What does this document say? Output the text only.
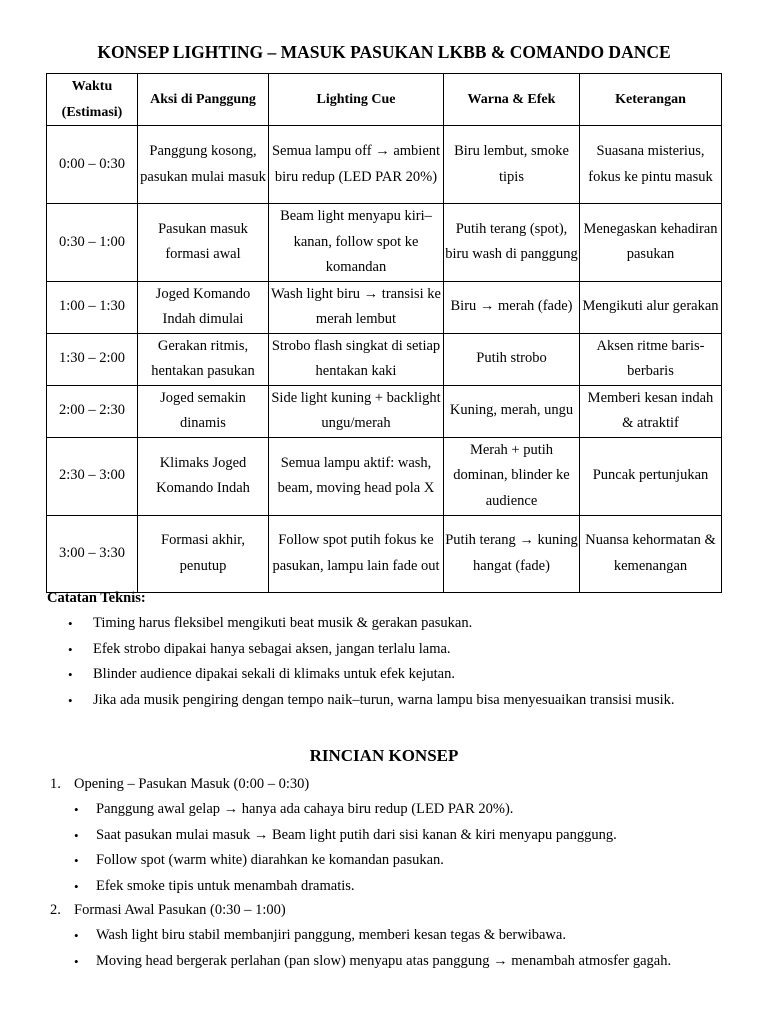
KONSEP LIGHTING – MASUK PASUKAN LKBB & COMANDO DANCE
Waktu (Estimasi)	Aksi di Panggung	Lighting Cue	Warna & Efek	Keterangan
0:00 – 0:30	Panggung kosong, pasukan mulai masuk	Semua lampu off → ambient biru redup (LED PAR 20%)	Biru lembut, smoke tipis	Suasana misterius, fokus ke pintu masuk
0:30 – 1:00	Pasukan masuk formasi awal	Beam light menyapu kiri–kanan, follow spot ke komandan	Putih terang (spot), biru wash di panggung	Menegaskan kehadiran pasukan
1:00 – 1:30	Joged Komando Indah dimulai	Wash light biru → transisi ke merah lembut	Biru → merah (fade)	Mengikuti alur gerakan
1:30 – 2:00	Gerakan ritmis, hentakan pasukan	Strobo flash singkat di setiap hentakan kaki	Putih strobo	Aksen ritme baris-berbaris
2:00 – 2:30	Joged semakin dinamis	Side light kuning + backlight ungu/merah	Kuning, merah, ungu	Memberi kesan indah & atraktif
2:30 – 3:00	Klimaks Joged Komando Indah	Semua lampu aktif: wash, beam, moving head pola X	Merah + putih dominan, blinder ke audience	Puncak pertunjukan
3:00 – 3:30	Formasi akhir, penutup	Follow spot putih fokus ke pasukan, lampu lain fade out	Putih terang → kuning hangat (fade)	Nuansa kehormatan & kemenangan
Catatan Teknis:
• Timing harus fleksibel mengikuti beat musik & gerakan pasukan.
• Efek strobo dipakai hanya sebagai aksen, jangan terlalu lama.
• Blinder audience dipakai sekali di klimaks untuk efek kejutan.
• Jika ada musik pengiring dengan tempo naik–turun, warna lampu bisa menyesuaikan transisi musik.
RINCIAN KONSEP
1. Opening – Pasukan Masuk (0:00 – 0:30)
• Panggung awal gelap → hanya ada cahaya biru redup (LED PAR 20%).
• Saat pasukan mulai masuk → Beam light putih dari sisi kanan & kiri menyapu panggung.
• Follow spot (warm white) diarahkan ke komandan pasukan.
• Efek smoke tipis untuk menambah dramatis.
2. Formasi Awal Pasukan (0:30 – 1:00)
• Wash light biru stabil membanjiri panggung, memberi kesan tegas & berwibawa.
• Moving head bergerak perlahan (pan slow) menyapu atas panggung → menambah atmosfer gagah.
